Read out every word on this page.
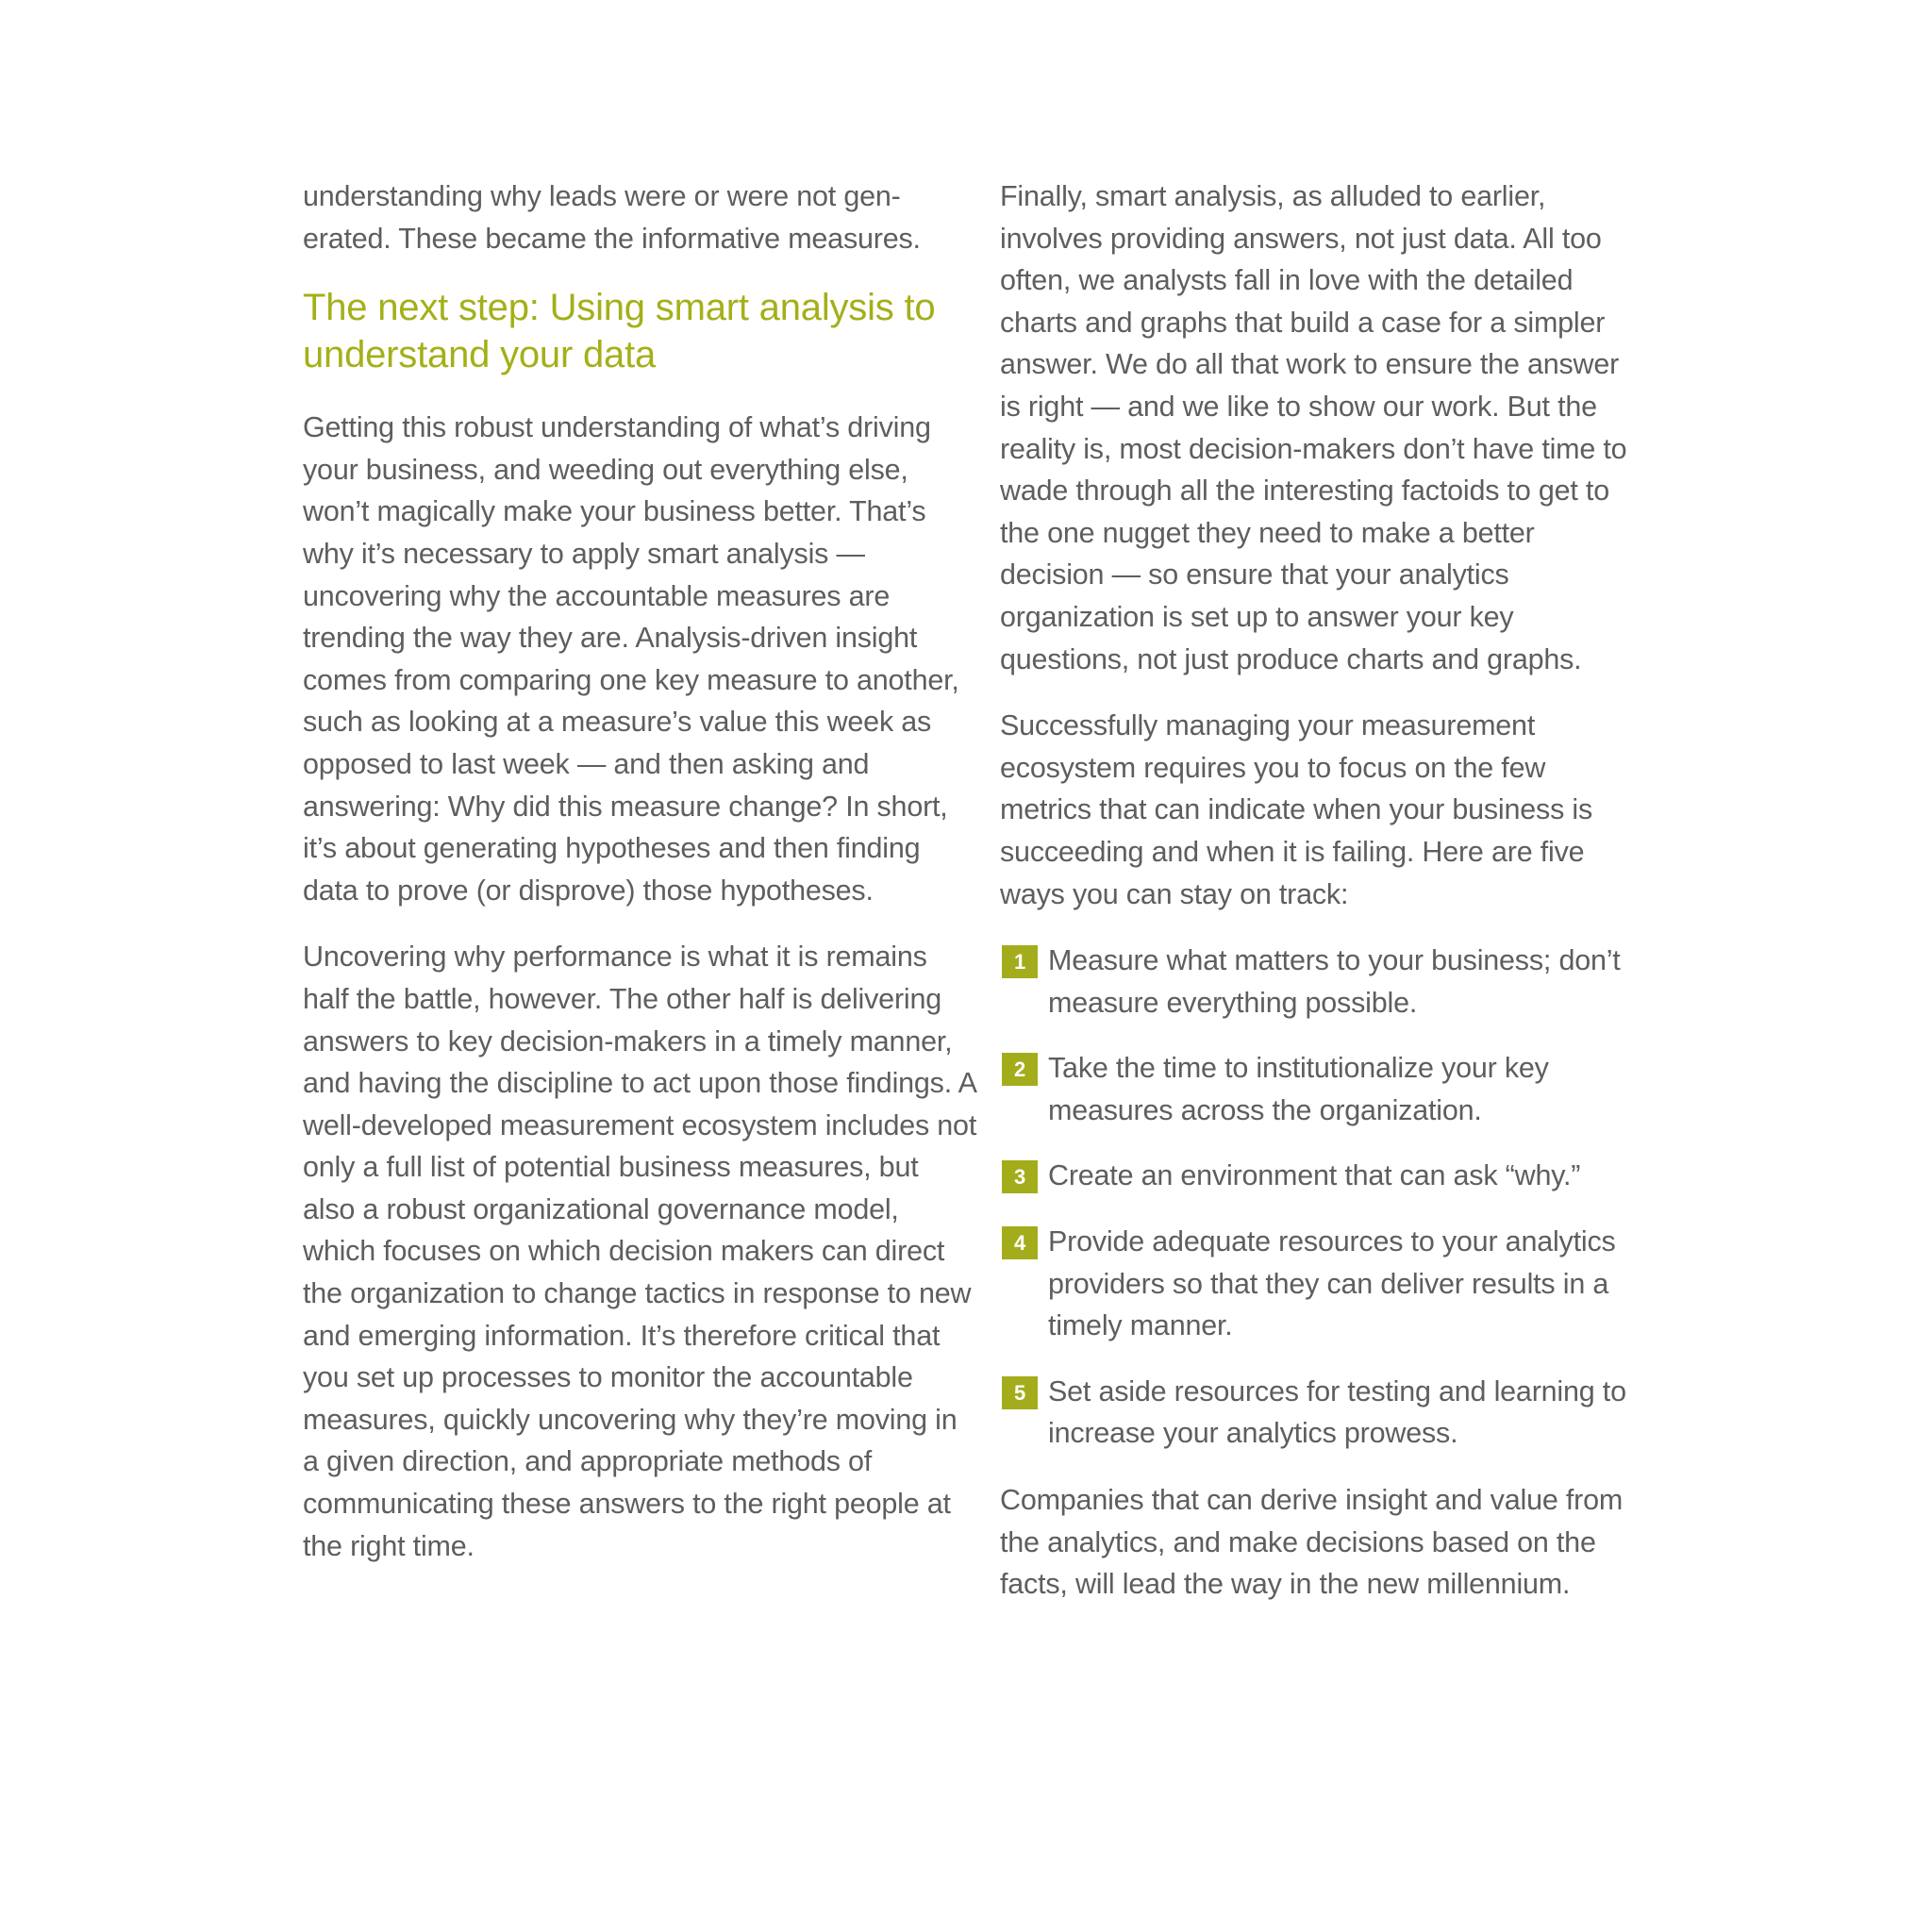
understanding why leads were or were not gen-erated. These became the informative measures.

The next step: Using smart analysis to understand your data

Getting this robust understanding of what’s driving your business, and weeding out everything else, won’t magically make your business better. That’s why it’s necessary to apply smart analysis — uncovering why the accountable measures are trending the way they are. Analysis-driven insight comes from comparing one key measure to another, such as looking at a measure’s value this week as opposed to last week — and then asking and answering: Why did this measure change? In short, it’s about generating hypotheses and then finding data to prove (or disprove) those hypotheses.

Uncovering why performance is what it is remains half the battle, however. The other half is delivering answers to key decision-makers in a timely manner, and having the discipline to act upon those findings. A well-developed measurement ecosystem includes not only a full list of potential business measures, but also a robust organizational governance model, which focuses on which decision makers can direct the organization to change tactics in response to new and emerging information. It’s therefore critical that you set up processes to monitor the accountable measures, quickly uncovering why they’re moving in a given direction, and appropriate methods of communicating these answers to the right people at the right time.

Finally, smart analysis, as alluded to earlier, involves providing answers, not just data. All too often, we analysts fall in love with the detailed charts and graphs that build a case for a simpler answer. We do all that work to ensure the answer is right — and we like to show our work. But the reality is, most decision-makers don’t have time to wade through all the interesting factoids to get to the one nugget they need to make a better decision — so ensure that your analytics organization is set up to answer your key questions, not just produce charts and graphs.

Successfully managing your measurement ecosystem requires you to focus on the few metrics that can indicate when your business is succeeding and when it is failing. Here are five ways you can stay on track:

1 Measure what matters to your business; don’t measure everything possible.
2 Take the time to institutionalize your key measures across the organization.
3 Create an environment that can ask “why.”
4 Provide adequate resources to your analytics providers so that they can deliver results in a timely manner.
5 Set aside resources for testing and learning to increase your analytics prowess.

Companies that can derive insight and value from the analytics, and make decisions based on the facts, will lead the way in the new millennium.
